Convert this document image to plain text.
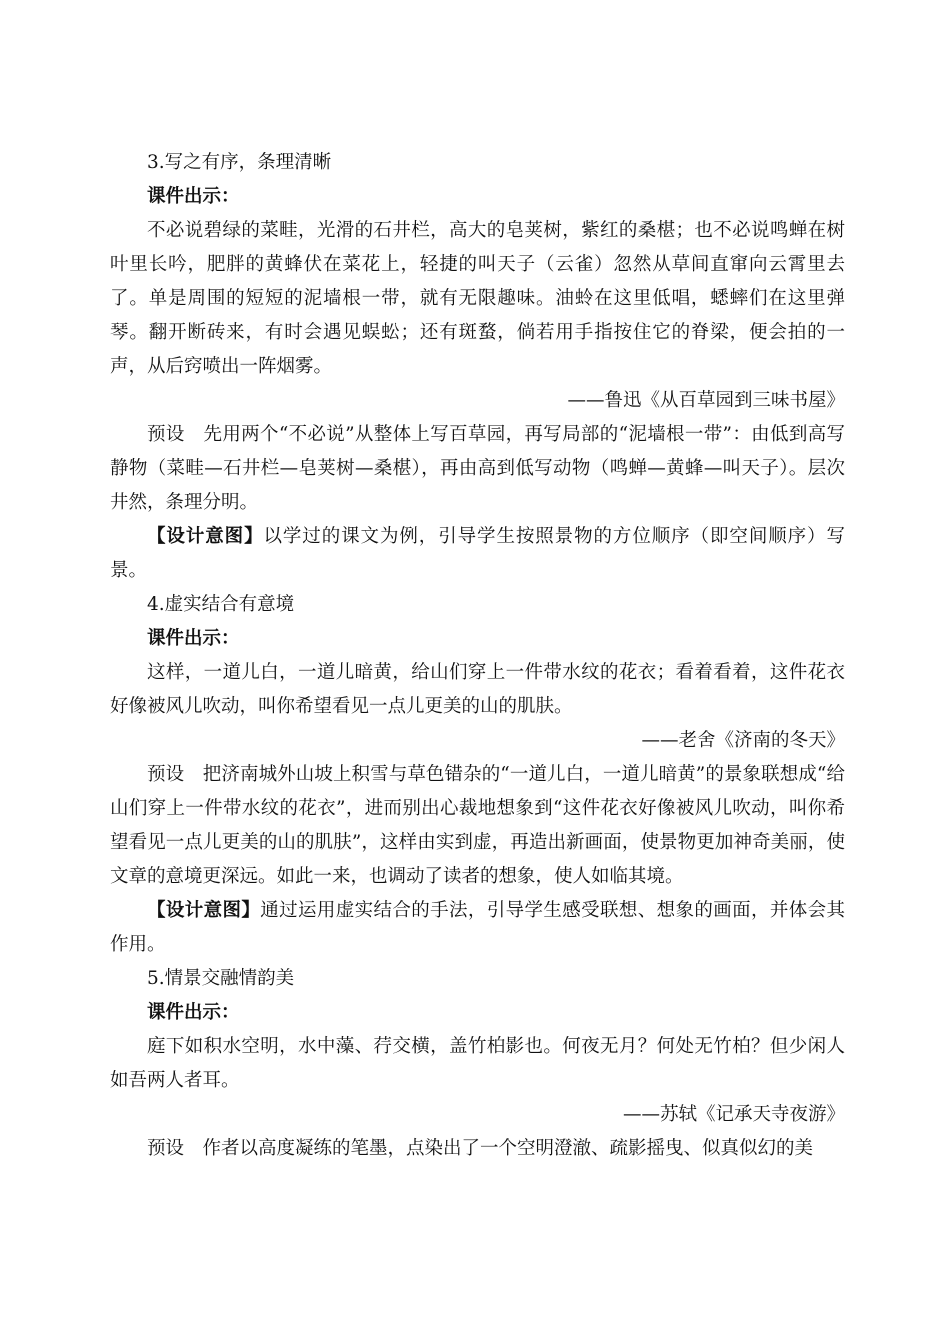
3.写之有序，条理清晰

课件出示：

不必说碧绿的菜畦，光滑的石井栏，高大的皂荚树，紫红的桑椹；也不必说鸣蝉在树叶里长吟，肥胖的黄蜂伏在菜花上，轻捷的叫天子（云雀）忽然从草间直窜向云霄里去了。单是周围的短短的泥墙根一带，就有无限趣味。油蛉在这里低唱，蟋蟀们在这里弹琴。翻开断砖来，有时会遇见蜈蚣；还有斑蝥，倘若用手指按住它的脊梁，便会拍的一声，从后窍喷出一阵烟雾。

——鲁迅《从百草园到三味书屋》

预设 先用两个“不必说”从整体上写百草园，再写局部的“泥墙根一带”：由低到高写静物（菜畦—石井栏—皂荚树—桑椹），再由高到低写动物（鸣蝉—黄蜂—叫天子）。层次井然，条理分明。

【设计意图】以学过的课文为例，引导学生按照景物的方位顺序（即空间顺序）写景。

4.虚实结合有意境

课件出示：

这样，一道儿白，一道儿暗黄，给山们穿上一件带水纹的花衣；看着看着，这件花衣好像被风儿吹动，叫你希望看见一点儿更美的山的肌肤。

——老舍《济南的冬天》

预设 把济南城外山坡上积雪与草色错杂的“一道儿白，一道儿暗黄”的景象联想成“给山们穿上一件带水纹的花衣”，进而别出心裁地想象到“这件花衣好像被风儿吹动，叫你希望看见一点儿更美的山的肌肤”，这样由实到虚，再造出新画面，使景物更加神奇美丽，使文章的意境更深远。如此一来，也调动了读者的想象，使人如临其境。

【设计意图】通过运用虚实结合的手法，引导学生感受联想、想象的画面，并体会其作用。

5.情景交融情韵美

课件出示：

庭下如积水空明，水中藻、荇交横，盖竹柏影也。何夜无月？何处无竹柏？但少闲人如吾两人者耳。

——苏轼《记承天寺夜游》

预设 作者以高度凝练的笔墨，点染出了一个空明澄澈、疏影摇曳、似真似幻的美
